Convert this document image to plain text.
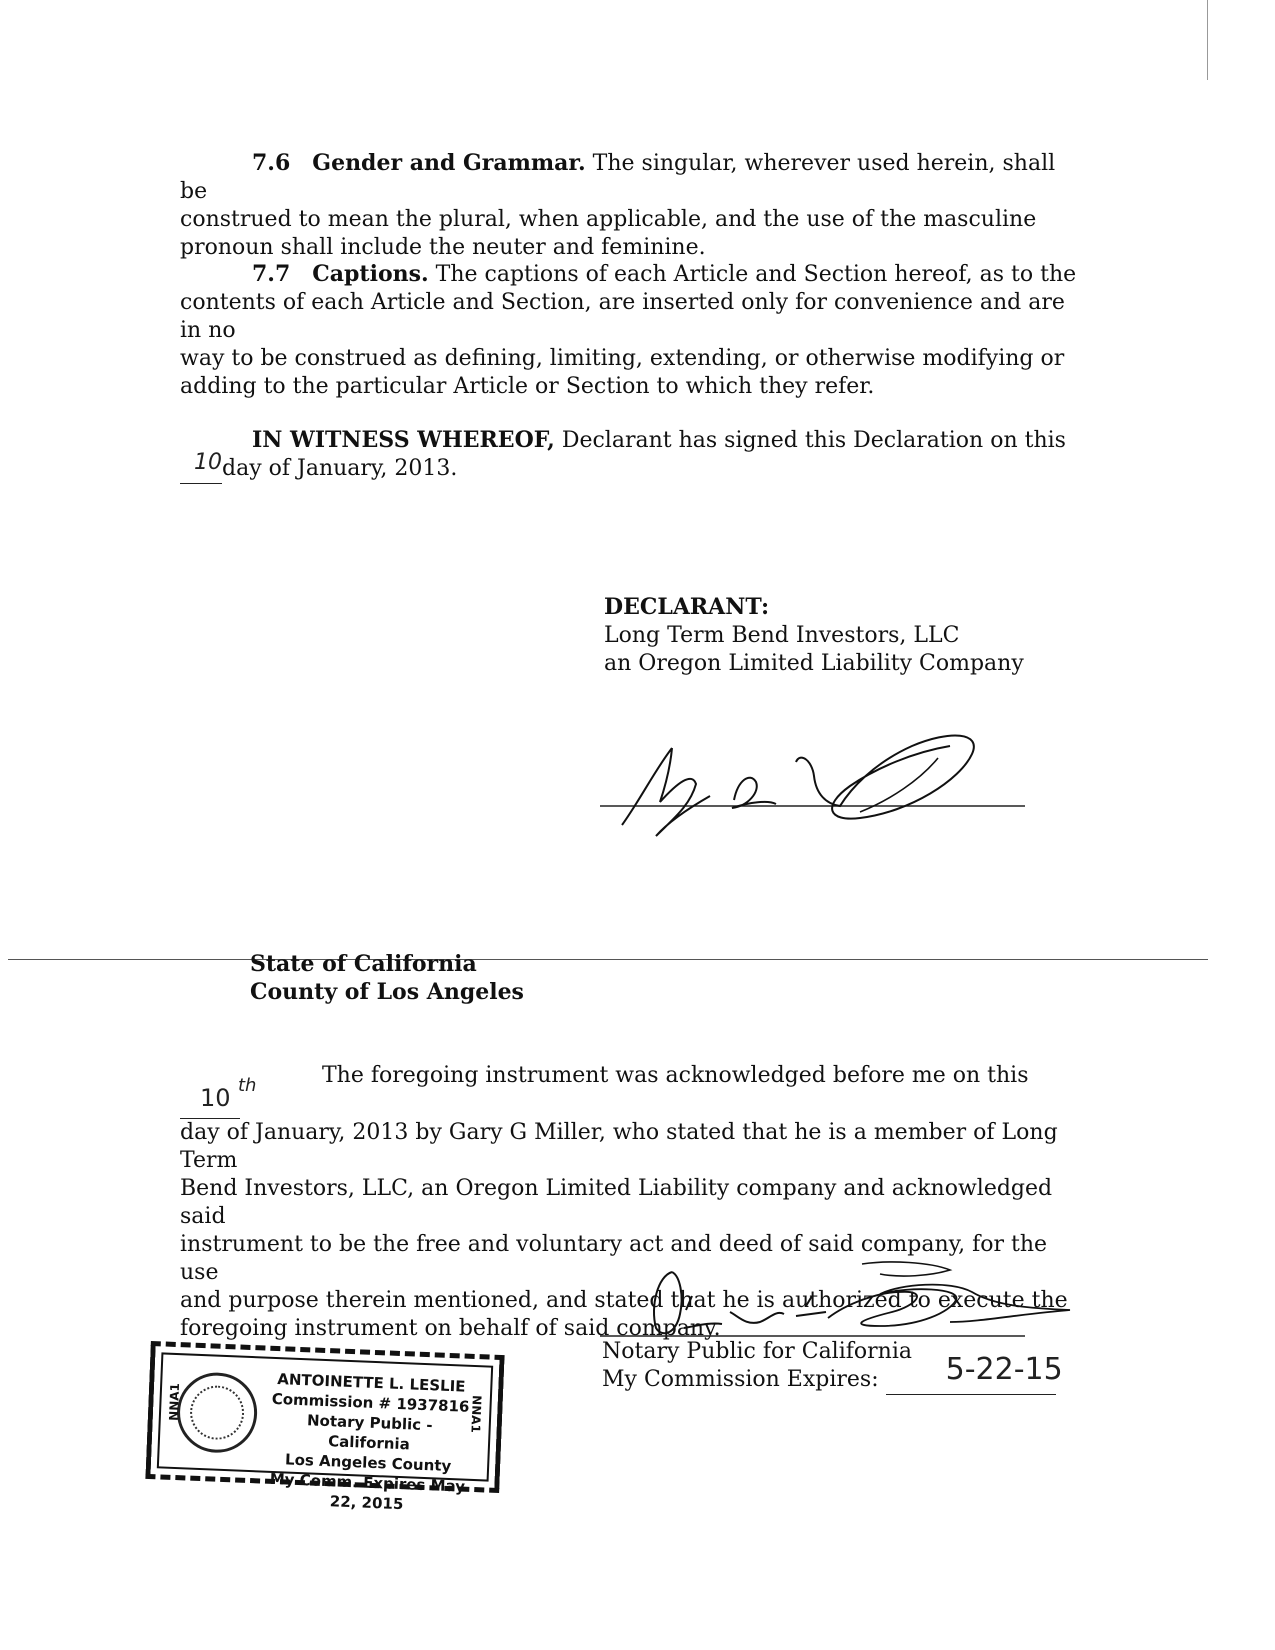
7.6 Gender and Grammar. The singular, wherever used herein, shall be
construed to mean the plural, when applicable, and the use of the masculine
pronoun shall include the neuter and feminine.
7.7 Captions. The captions of each Article and Section hereof, as to the
contents of each Article and Section, are inserted only for convenience and are in no
way to be construed as defining, limiting, extending, or otherwise modifying or
adding to the particular Article or Section to which they refer.
IN WITNESS WHEREOF, Declarant has signed this Declaration on this

10 day of January, 2013.
DECLARANT:
Long Term Bend Investors, LLC
an Oregon Limited Liability Company
State of California
County of Los Angeles
The foregoing instrument was acknowledged before me on this
10
th

day of January, 2013 by Gary G Miller, who stated that he is a member of Long Term
Bend Investors, LLC, an Oregon Limited Liability company and acknowledged said
instrument to be the free and voluntary act and deed of said company, for the use
and purpose therein mentioned, and stated that he is authorized to execute the
foregoing instrument on behalf of said company.
NNA1	NNA1
ANTOINETTE L. LESLIE
Commission # 1937816
Notary Public - California
Los Angeles County
My Comm. Expires May 22, 2015
Notary Public for California
My Commission Expires: 5-22-15
